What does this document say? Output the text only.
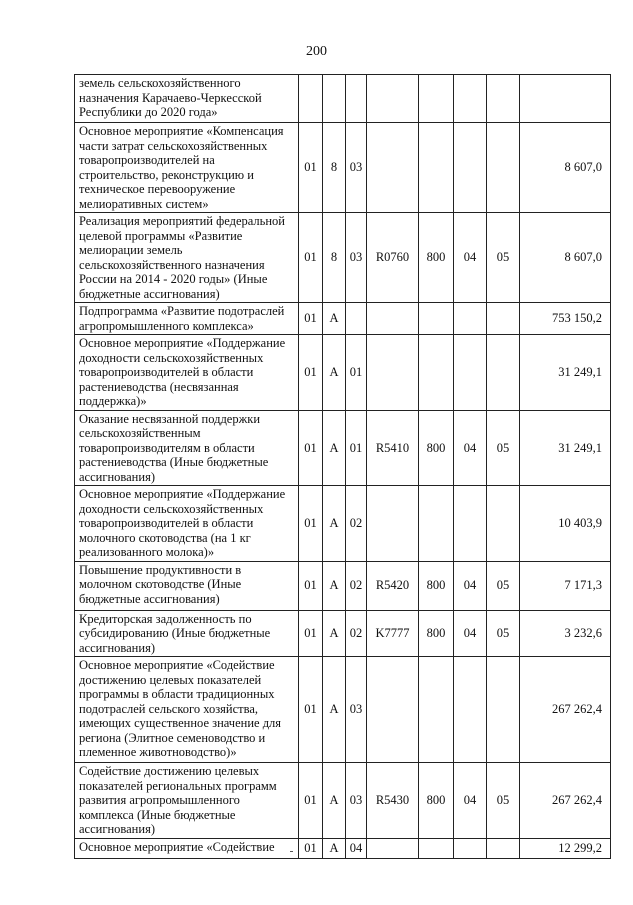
200
земель сельскохозяйственного назначения Карачаево-Черкесской Республики до 2020 года»								
Основное мероприятие «Компенсация части затрат сельскохозяйственных товаропроизводителей на строительство, реконструкцию и техническое перевооружение мелиоративных систем»	01	8	03					8 607,0
Реализация мероприятий федеральной целевой программы «Развитие мелиорации земель сельскохозяйственного назначения России на 2014 - 2020 годы» (Иные бюджетные ассигнования)	01	8	03	R0760	800	04	05	8 607,0
Подпрограмма «Развитие подотраслей агропромышленного комплекса»	01	А						753 150,2
Основное мероприятие «Поддержание доходности сельскохозяйственных товаропроизводителей в области растениеводства (несвязанная поддержка)»	01	А	01					31 249,1
Оказание несвязанной поддержки сельскохозяйственным товаропроизводителям в области растениеводства (Иные бюджетные ассигнования)	01	А	01	R5410	800	04	05	31 249,1
Основное мероприятие «Поддержание доходности сельскохозяйственных товаропроизводителей в области молочного скотоводства (на 1 кг реализованного молока)»	01	А	02					10 403,9
Повышение продуктивности в молочном скотоводстве (Иные бюджетные ассигнования)	01	А	02	R5420	800	04	05	7 171,3
Кредиторская задолженность по субсидированию (Иные бюджетные ассигнования)	01	А	02	K7777	800	04	05	3 232,6
Основное мероприятие «Содействие достижению целевых показателей программы в области традиционных подотраслей сельского хозяйства, имеющих существенное значение для региона (Элитное семеноводство и племенное животноводство)»	01	А	03					267 262,4
Содействие достижению целевых показателей региональных программ развития агропромышленного комплекса (Иные бюджетные ассигнования)	01	А	03	R5430	800	04	05	267 262,4
Основное мероприятие «Содействие	01	А	04					12 299,2
